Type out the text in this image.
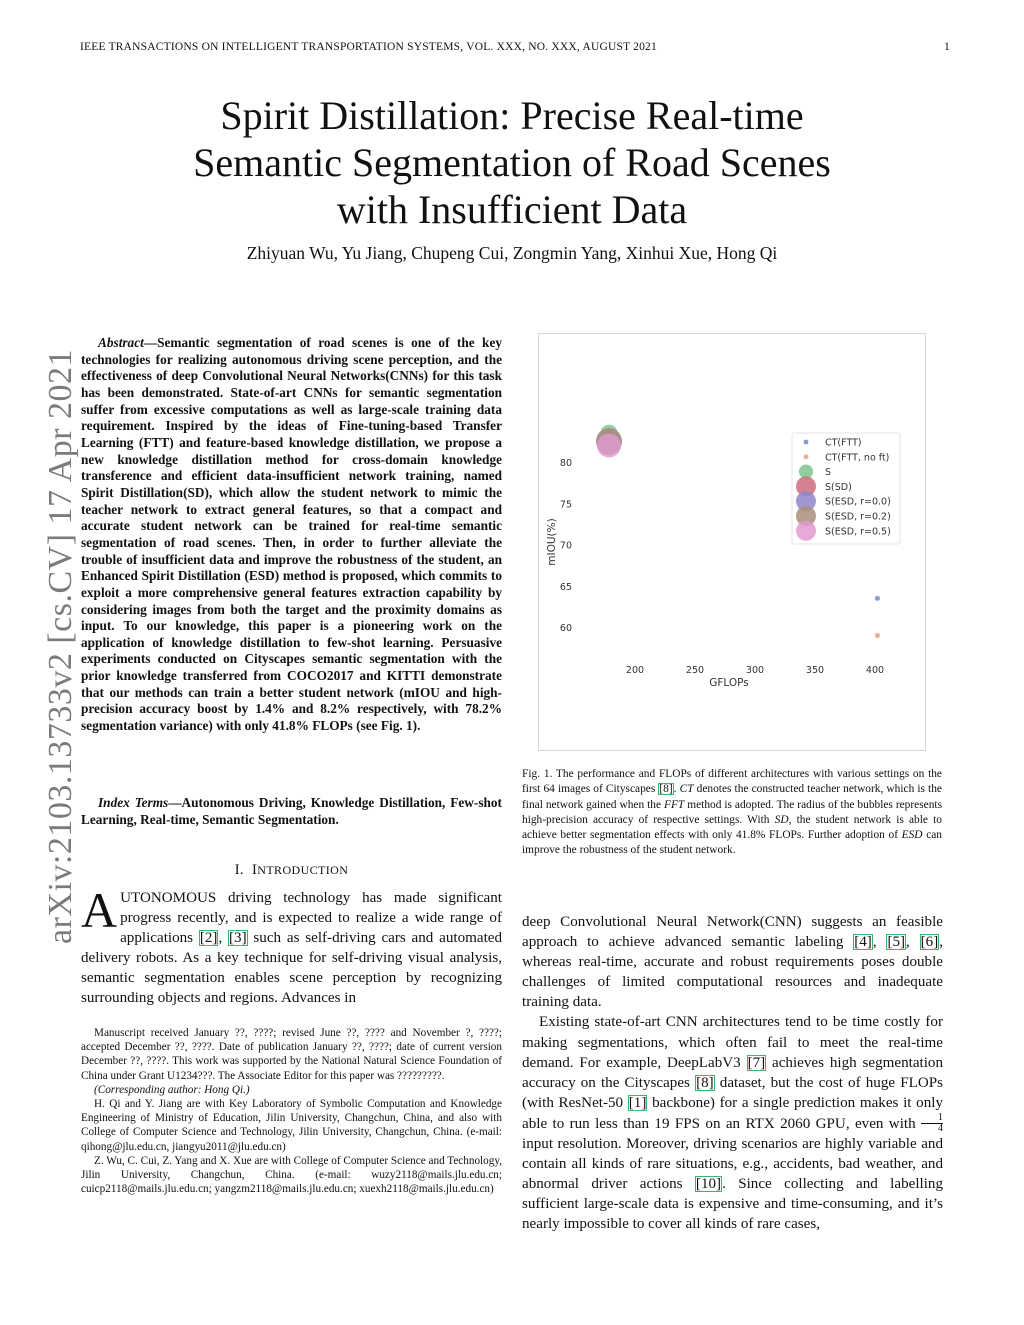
IEEE TRANSACTIONS ON INTELLIGENT TRANSPORTATION SYSTEMS, VOL. XXX, NO. XXX, AUGUST 2021	1
Spirit Distillation: Precise Real-time
Semantic Segmentation of Road Scenes
with Insufficient Data
Zhiyuan Wu, Yu Jiang, Chupeng Cui, Zongmin Yang, Xinhui Xue, Hong Qi
arXiv:2103.13733v2 [cs.CV] 17 Apr 2021
Abstract—Semantic segmentation of road scenes is one of the key technologies for realizing autonomous driving scene perception, and the effectiveness of deep Convolutional Neural Networks(CNNs) for this task has been demonstrated. State-of-art CNNs for semantic segmentation suffer from excessive computations as well as large-scale training data requirement. Inspired by the ideas of Fine-tuning-based Transfer Learning (FTT) and feature-based knowledge distillation, we propose a new knowledge distillation method for cross-domain knowledge transference and efficient data-insufficient network training, named Spirit Distillation(SD), which allow the student network to mimic the teacher network to extract general features, so that a compact and accurate student network can be trained for real-time semantic segmentation of road scenes. Then, in order to further alleviate the trouble of insufficient data and improve the robustness of the student, an Enhanced Spirit Distillation (ESD) method is proposed, which commits to exploit a more comprehensive general features extraction capability by considering images from both the target and the proximity domains as input. To our knowledge, this paper is a pioneering work on the application of knowledge distillation to few-shot learning. Persuasive experiments conducted on Cityscapes semantic segmentation with the prior knowledge transferred from COCO2017 and KITTI demonstrate that our methods can train a better student network (mIOU and high-precision accuracy boost by 1.4% and 8.2% respectively, with 78.2% segmentation variance) with only 41.8% FLOPs (see Fig. 1).
Index Terms—Autonomous Driving, Knowledge Distillation, Few-shot Learning, Real-time, Semantic Segmentation.
I. INTRODUCTION
AUTONOMOUS driving technology has made significant progress recently, and is expected to realize a wide range of applications [2], [3] such as self-driving cars and automated delivery robots. As a key technique for self-driving visual analysis, semantic segmentation enables scene perception by recognizing surrounding objects and regions. Advances in

Manuscript received January ??, ????; revised June ??, ???? and November ?, ????; accepted December ??, ????. Date of publication January ??, ????; date of current version December ??, ????. This work was supported by the National Natural Science Foundation of China under Grant U1234???. The Associate Editor for this paper was ?????????.

(Corresponding author: Hong Qi.)

H. Qi and Y. Jiang are with Key Laboratory of Symbolic Computation and Knowledge Engineering of Ministry of Education, Jilin University, Changchun, China, and also with College of Computer Science and Technology, Jilin University, Changchun, China. (e-mail: qihong@jlu.edu.cn, jiangyu2011@jlu.edu.cn)

Z. Wu, C. Cui, Z. Yang and X. Xue are with College of Computer Science and Technology, Jilin University, Changchun, China. (e-mail: wuzy2118@mails.jlu.edu.cn; cuicp2118@mails.jlu.edu.cn; yangzm2118@mails.jlu.edu.cn; xuexh2118@mails.jlu.edu.cn)

mIOU(%)
GFLOPs
60
65
70
75
80
200	250	300	350	400
CT(FTT)
CT(FTT, no ft)
S
S(SD)
S(ESD, r=0.0)
S(ESD, r=0.2)
S(ESD, r=0.5)
Fig. 1. The performance and FLOPs of different architectures with various settings on the first 64 images of Cityscapes [8]. CT denotes the constructed teacher network, which is the final network gained when the FFT method is adopted. The radius of the bubbles represents high-precision accuracy of respective settings. With SD, the student network is able to achieve better segmentation effects with only 41.8% FLOPs. Further adoption of ESD can improve the robustness of the student network.

deep Convolutional Neural Network(CNN) suggests an feasible approach to achieve advanced semantic labeling [4], [5], [6], whereas real-time, accurate and robust requirements poses double challenges of limited computational resources and inadequate training data.

Existing state-of-art CNN architectures tend to be time costly for making segmentations, which often fail to meet the real-time demand. For example, DeepLabV3 [7] achieves high segmentation accuracy on the Cityscapes [8] dataset, but the cost of huge FLOPs (with ResNet-50 [1] backbone) for a single prediction makes it only able to run less than 19 FPS on an RTX 2060 GPU, even with $\frac{1}{4}$
input resolution. Moreover, driving scenarios are highly variable and contain all kinds of rare situations, e.g., accidents, bad weather, and abnormal driver actions [10]. Since collecting and labelling sufficient large-scale data is expensive and time-consuming, and it’s nearly impossible to cover all kinds of rare cases,
